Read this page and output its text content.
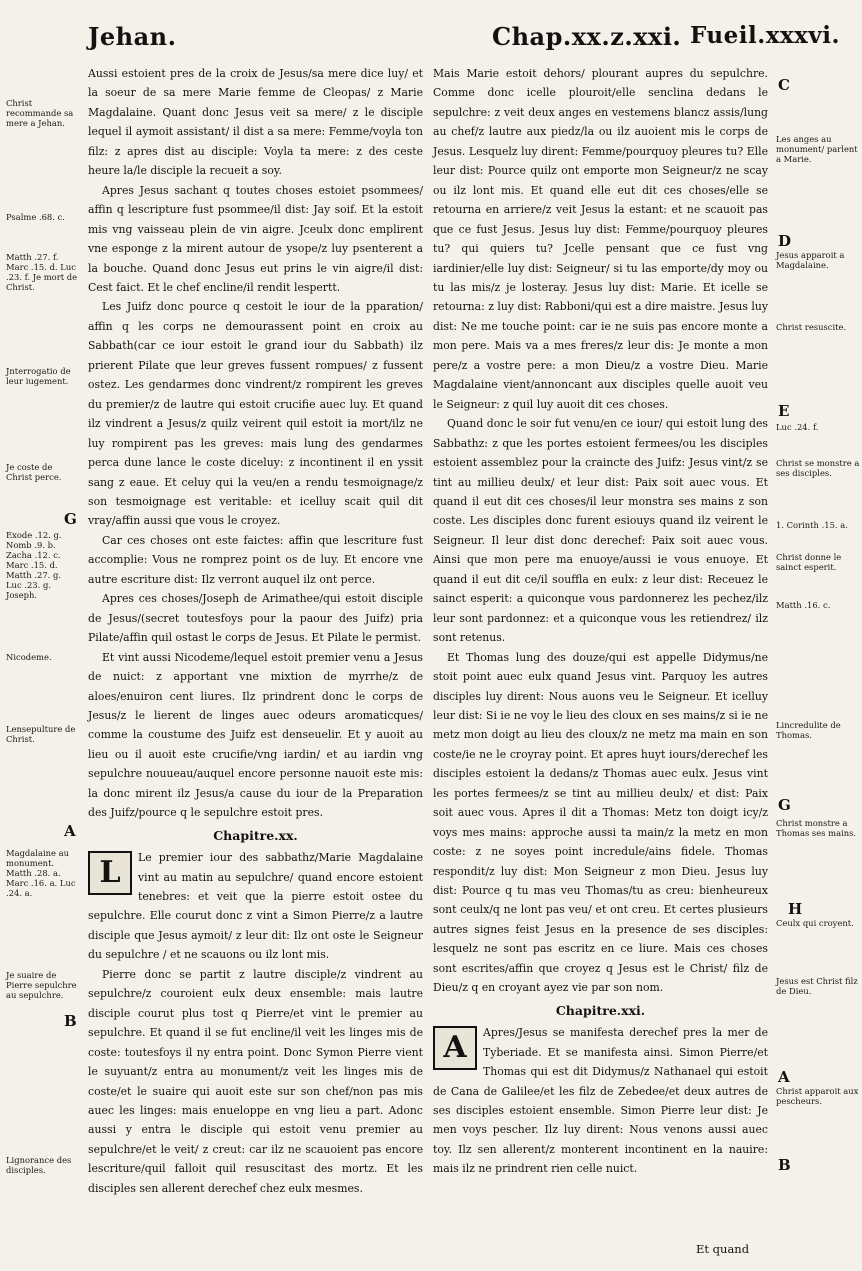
Jehan.	Chap.xx.z.xxi. Fueil.xxxvi.
Christ recommande sa mere a Jehan.
Psalme .68. c.
Matth .27. f. Marc .15. d. Luc .23. f. Je mort de Christ.
Jnterrogatio de leur iugement.
Je coste de Christ perce.
Exode .12. g. Nomb .9. b. Zacha .12. c. Marc .15. d. Matth .27. g. Luc .23. g. Joseph.
Nicodeme.
Lensepulture de Christ.
Magdalaine au monument. Matth .28. a. Marc .16. a. Luc .24. a.
Je suaire de Pierre sepulchre au sepulchre.
Lignorance des disciples.
G
A
B

Aussi estoient pres de la croix de Jesus/sa mere dice luy/ et la soeur de sa mere Marie femme de Cleopas/ z Marie Magdalaine. Quant donc Jesus veit sa mere/ z le disciple lequel il aymoit assistant/ il dist a sa mere: Femme/voyla ton filz: z apres dist au disciple: Voyla ta mere: z des ceste heure la/le disciple la recueit a soy.

Apres Jesus sachant q toutes choses estoiet psommees/ affin q lescripture fust psommee/il dist: Jay soif. Et la estoit mis vng vaisseau plein de vin aigre. Jceulx donc emplirent vne esponge z la mirent autour de ysope/z luy psenterent a la bouche. Quand donc Jesus eut prins le vin aigre/il dist: Cest faict. Et le chef encline/il rendit lespertt.

Les Juifz donc pource q cestoit le iour de la pparation/ affin q les corps ne demourassent point en croix au Sabbath(car ce iour estoit le grand iour du Sabbath) ilz prierent Pilate que leur greves fussent rompues/ z fussent ostez. Les gendarmes donc vindrent/z rompirent les greves du premier/z de lautre qui estoit crucifie auec luy. Et quand ilz vindrent a Jesus/z quilz veirent quil estoit ia mort/ilz ne luy rompirent pas les greves: mais lung des gendarmes perca dune lance le coste diceluy: z incontinent il en yssit sang z eaue. Et celuy qui la veu/en a rendu tesmoignage/z son tesmoignage est veritable: et icelluy scait quil dit vray/affin aussi que vous le croyez.

Car ces choses ont este faictes: affin que lescriture fust accomplie: Vous ne romprez point os de luy. Et encore vne autre escriture dist: Ilz verront auquel ilz ont perce.

Apres ces choses/Joseph de Arimathee/qui estoit disciple de Jesus/(secret toutesfoys pour la paour des Juifz) pria Pilate/affin quil ostast le corps de Jesus. Et Pilate le permist.

Et vint aussi Nicodeme/lequel estoit premier venu a Jesus de nuict: z apportant vne mixtion de myrrhe/z de aloes/enuiron cent liures. Ilz prindrent donc le corps de Jesus/z le lierent de linges auec odeurs aromaticques/ comme la coustume des Juifz est denseuelir. Et y auoit au lieu ou il auoit este crucifie/vng iardin/ et au iardin vng sepulchre nouueau/auquel encore personne nauoit este mis: la donc mirent ilz Jesus/a cause du iour de la Preparation des Juifz/pource q le sepulchre estoit pres.

Chapitre.xx.
L	Le premier iour des sabbathz/Marie Magdalaine vint au matin au sepulchre/ quand encore estoient tenebres: et veit que la pierre estoit ostee du sepulchre. Elle courut donc z vint a Simon Pierre/z a lautre disciple que Jesus aymoit/ z leur dit: Ilz ont oste le Seigneur du sepulchre / et ne scauons ou ilz lont mis.

Pierre donc se partit z lautre disciple/z vindrent au sepulchre/z couroient eulx deux ensemble: mais lautre disciple courut plus tost q Pierre/et vint le premier au sepulchre. Et quand il se fut encline/il veit les linges mis de coste: toutesfoys il ny entra point. Donc Symon Pierre vient le suyuant/z entra au monument/z veit les linges mis de coste/et le suaire qui auoit este sur son chef/non pas mis auec les linges: mais enueloppe en vng lieu a part. Adonc aussi y entra le disciple qui estoit venu premier au sepulchre/et le veit/ z creut: car ilz ne scauoient pas encore lescriture/quil falloit quil resuscitast des mortz. Et les disciples sen allerent derechef chez eulx mesmes.

Mais Marie estoit dehors/ plourant aupres du sepulchre. Comme donc icelle plouroit/elle senclina dedans le sepulchre: z veit deux anges en vestemens blancz assis/lung au chef/z lautre aux piedz/la ou ilz auoient mis le corps de Jesus. Lesquelz luy dirent: Femme/pourquoy pleures tu? Elle leur dist: Pource quilz ont emporte mon Seigneur/z ne scay ou ilz lont mis. Et quand elle eut dit ces choses/elle se retourna en arriere/z veit Jesus la estant: et ne scauoit pas que ce fust Jesus. Jesus luy dist: Femme/pourquoy pleures tu? qui quiers tu? Jcelle pensant que ce fust vng iardinier/elle luy dist: Seigneur/ si tu las emporte/dy moy ou tu las mis/z je losteray. Jesus luy dist: Marie. Et icelle se retourna: z luy dist: Rabboni/qui est a dire maistre. Jesus luy dist: Ne me touche point: car ie ne suis pas encore monte a mon pere. Mais va a mes freres/z leur dis: Je monte a mon pere/z a vostre pere: a mon Dieu/z a vostre Dieu. Marie Magdalaine vient/annoncant aux disciples quelle auoit veu le Seigneur: z quil luy auoit dit ces choses.

Quand donc le soir fut venu/en ce iour/ qui estoit lung des Sabbathz: z que les portes estoient fermees/ou les disciples estoient assemblez pour la craincte des Juifz: Jesus vint/z se tint au millieu deulx/ et leur dist: Paix soit auec vous. Et quand il eut dit ces choses/il leur monstra ses mains z son coste. Les disciples donc furent esiouys quand ilz veirent le Seigneur. Il leur dist donc derechef: Paix soit auec vous. Ainsi que mon pere ma enuoye/aussi ie vous enuoye. Et quand il eut dit ce/il souffla en eulx: z leur dist: Receuez le sainct esperit: a quiconque vous pardonnerez les pechez/ilz leur sont pardonnez: et a quiconque vous les retiendrez/ ilz sont retenus.

Et Thomas lung des douze/qui est appelle Didymus/ne stoit point auec eulx quand Jesus vint. Parquoy les autres disciples luy dirent: Nous auons veu le Seigneur. Et icelluy leur dist: Si ie ne voy le lieu des cloux en ses mains/z si ie ne metz mon doigt au lieu des cloux/z ne metz ma main en son coste/ie ne le croyray point. Et apres huyt iours/derechef les disciples estoient la dedans/z Thomas auec eulx. Jesus vint les portes fermees/z se tint au millieu deulx/ et dist: Paix soit auec vous. Apres il dit a Thomas: Metz ton doigt icy/z voys mes mains: approche aussi ta main/z la metz en mon coste: z ne soyes point incredule/ains fidele. Thomas respondit/z luy dist: Mon Seigneur z mon Dieu. Jesus luy dist: Pource q tu mas veu Thomas/tu as creu: bienheureux sont ceulx/q ne lont pas veu/ et ont creu. Et certes plusieurs autres signes feist Jesus en la presence de ses disciples: lesquelz ne sont pas escritz en ce liure. Mais ces choses sont escrites/affin que croyez q Jesus est le Christ/ filz de Dieu/z q en croyant ayez vie par son nom.

Chapitre.xxi.
A	Apres/Jesus se manifesta derechef pres la mer de Tyberiade. Et se manifesta ainsi. Simon Pierre/et Thomas qui est dit Didymus/z Nathanael qui estoit de Cana de Galilee/et les filz de Zebedee/et deux autres de ses disciples estoient ensemble. Simon Pierre leur dist: Je men voys pescher. Ilz luy dirent: Nous venons aussi auec toy. Ilz sen allerent/z monterent incontinent en la nauire: mais ilz ne prindrent rien celle nuict.

C
Les anges au monument/ parlent a Marie.
D
Jesus apparoit a Magdalaine.
Christ resuscite.
E
Luc .24. f.
Christ se monstre a ses disciples.
1. Corinth .15. a.
Christ donne le sainct esperit.
Matth .16. c.
Lincredulite de Thomas.
G
Christ monstre a Thomas ses mains.
H
Ceulx qui croyent.
Jesus est Christ filz de Dieu.
A
Christ apparoit aux pescheurs.
B
Et quand
